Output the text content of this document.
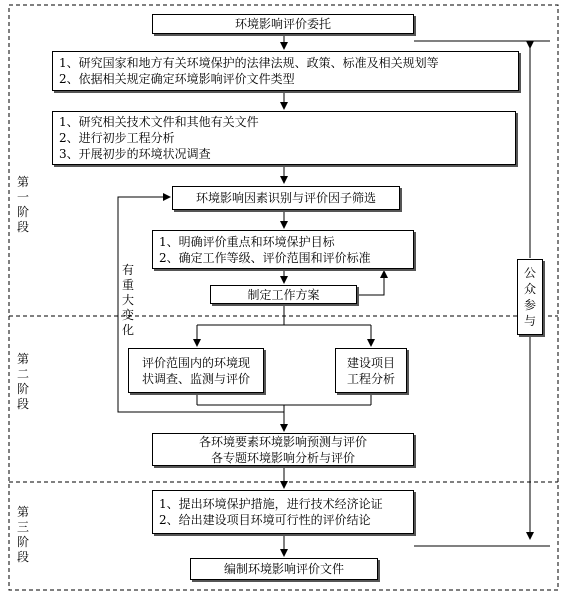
环境影响评价委托
1、研究国家和地方有关环境保护的法律法规、政策、标准及相关规划等
2、依据相关规定确定环境影响评价文件类型
1、研究相关技术文件和其他有关文件
2、进行初步工程分析
3、开展初步的环境状况调查
环境影响因素识别与评价因子筛选
1、明确评价重点和环境保护目标
2、确定工作等级、评价范围和评价标准
制定工作方案
评价范围内的环境现
状调查、监测与评价
建设项目
工程分析
各环境要素环境影响预测与评价
各专题环境影响分析与评价
1、提出环境保护措施，进行技术经济论证
2、给出建设项目环境可行性的评价结论
编制环境影响评价文件
第
一
阶
段
第
二
阶
段
第
三
阶
段
有
重
大
变
化
公
众
参
与
